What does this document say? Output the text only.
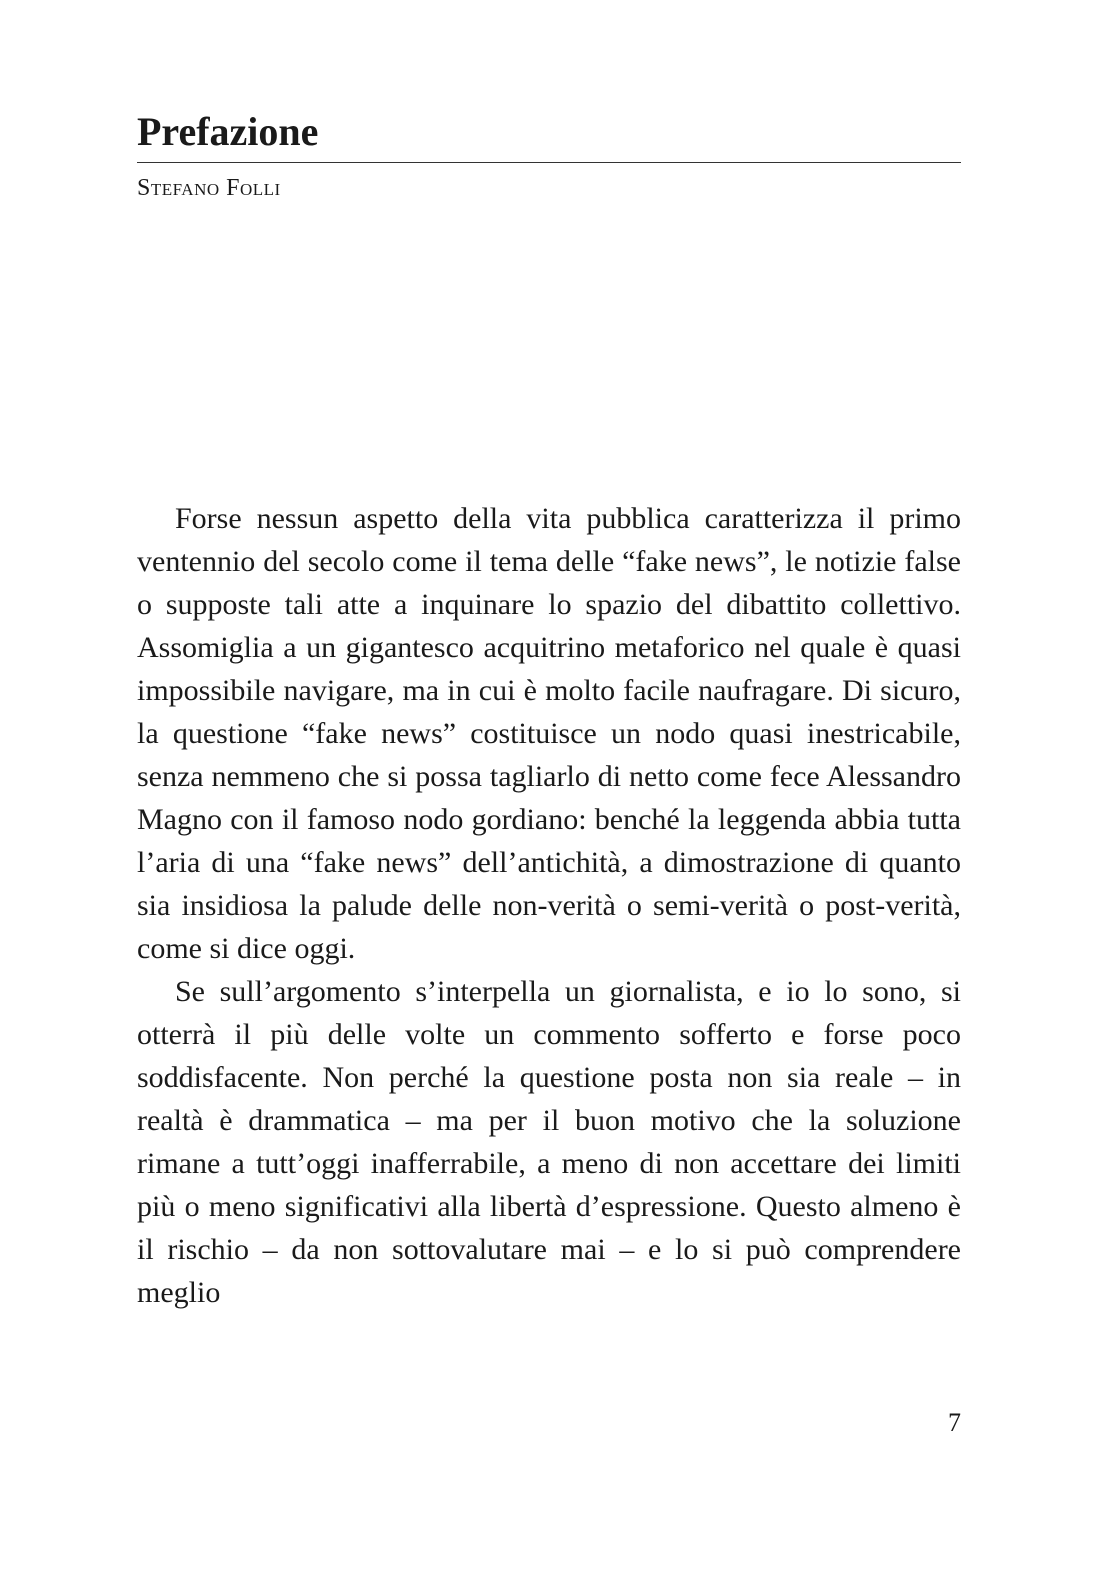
Prefazione

Stefano Folli

Forse nessun aspetto della vita pubblica caratterizza il primo ventennio del secolo come il tema delle “fake news”, le notizie false o supposte tali atte a inquinare lo spazio del dibattito collettivo. Assomiglia a un gigantesco acquitrino metaforico nel quale è quasi impossibile navigare, ma in cui è molto facile naufragare. Di sicuro, la questione “fake news” costituisce un nodo quasi inestricabile, senza nemmeno che si possa tagliarlo di netto come fece Alessandro Magno con il famoso nodo gordiano: benché la leggenda abbia tutta l’aria di una “fake news” dell’antichità, a dimostrazione di quanto sia insidiosa la palude delle non-verità o semi-verità o post-verità, come si dice oggi.

Se sull’argomento s’interpella un giornalista, e io lo sono, si otterrà il più delle volte un commento sofferto e forse poco soddisfacente. Non perché la questione posta non sia reale – in realtà è drammatica – ma per il buon motivo che la soluzione rimane a tutt’oggi inafferrabile, a meno di non accettare dei limiti più o meno significativi alla libertà d’espressione. Questo almeno è il rischio – da non sottovalutare mai – e lo si può comprendere meglio

7
